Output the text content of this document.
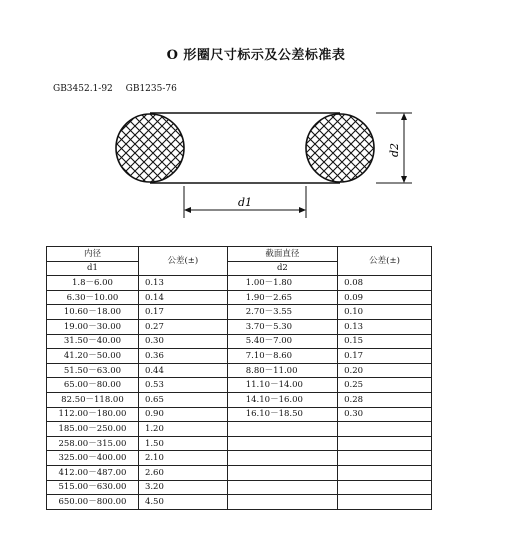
O 形圈尺寸标示及公差标准表
GB3452.1-92 GB1235-76
d1
d2
内径	公差(±)	截面直径	公差(±)
d1		d2	
1.8－6.00	0.13	1.00－1.80	0.08
6.30－10.00	0.14	1.90－2.65	0.09
10.60－18.00	0.17	2.70－3.55	0.10
19.00－30.00	0.27	3.70－5.30	0.13
31.50－40.00	0.30	5.40－7.00	0.15
41.20－50.00	0.36	7.10－8.60	0.17
51.50－63.00	0.44	8.80－11.00	0.20
65.00－80.00	0.53	11.10－14.00	0.25
82.50－118.00	0.65	14.10－16.00	0.28
112.00－180.00	0.90	16.10－18.50	0.30
185.00－250.00	1.20		
258.00－315.00	1.50		
325.00－400.00	2.10		
412.00－487.00	2.60		
515.00－630.00	3.20		
650.00－800.00	4.50		
